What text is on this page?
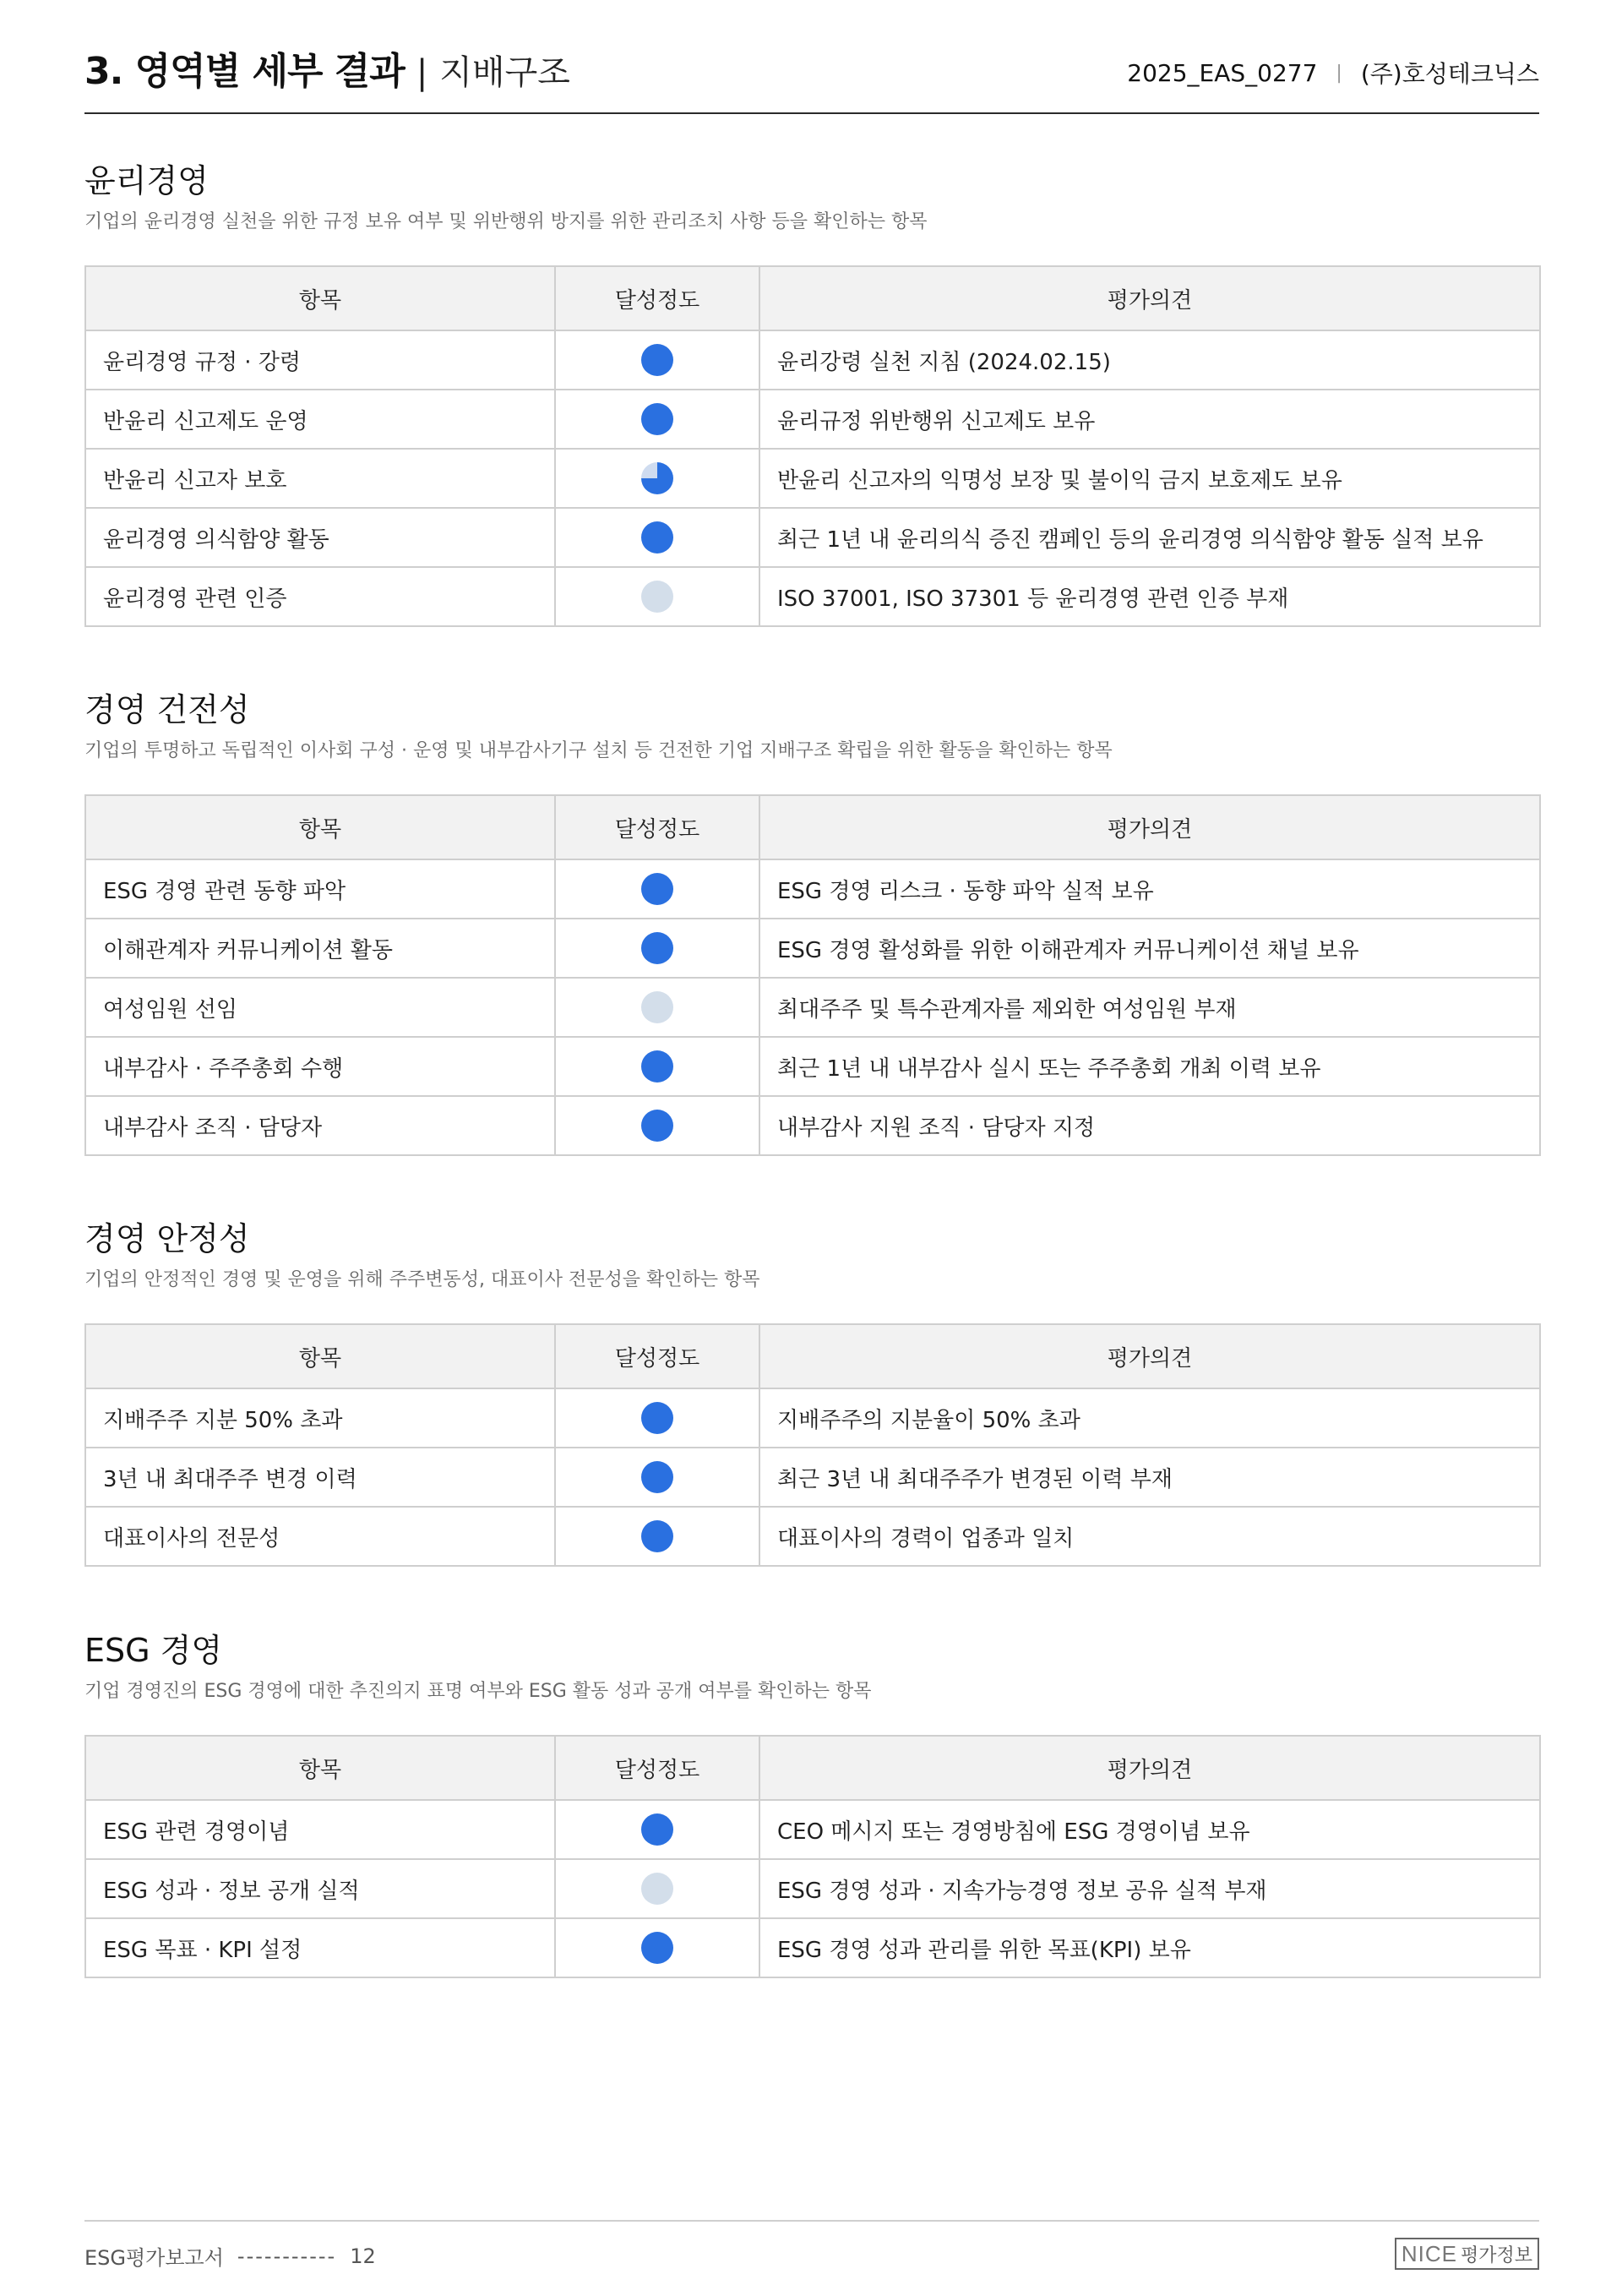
3. 영역별 세부 결과 | 지배구조	2025_EAS_0277 | (주)호성테크닉스
윤리경영
기업의 윤리경영 실천을 위한 규정 보유 여부 및 위반행위 방지를 위한 관리조치 사항 등을 확인하는 항목
항목	달성정도	평가의견
윤리경영 규정 · 강령		윤리강령 실천 지침 (2024.02.15)
반윤리 신고제도 운영		윤리규정 위반행위 신고제도 보유
반윤리 신고자 보호		반윤리 신고자의 익명성 보장 및 불이익 금지 보호제도 보유
윤리경영 의식함양 활동		최근 1년 내 윤리의식 증진 캠페인 등의 윤리경영 의식함양 활동 실적 보유
윤리경영 관련 인증		ISO 37001, ISO 37301 등 윤리경영 관련 인증 부재
경영 건전성
기업의 투명하고 독립적인 이사회 구성 · 운영 및 내부감사기구 설치 등 건전한 기업 지배구조 확립을 위한 활동을 확인하는 항목
항목	달성정도	평가의견
ESG 경영 관련 동향 파악		ESG 경영 리스크 · 동향 파악 실적 보유
이해관계자 커뮤니케이션 활동		ESG 경영 활성화를 위한 이해관계자 커뮤니케이션 채널 보유
여성임원 선임		최대주주 및 특수관계자를 제외한 여성임원 부재
내부감사 · 주주총회 수행		최근 1년 내 내부감사 실시 또는 주주총회 개최 이력 보유
내부감사 조직 · 담당자		내부감사 지원 조직 · 담당자 지정
경영 안정성
기업의 안정적인 경영 및 운영을 위해 주주변동성, 대표이사 전문성을 확인하는 항목
항목	달성정도	평가의견
지배주주 지분 50% 초과		지배주주의 지분율이 50% 초과
3년 내 최대주주 변경 이력		최근 3년 내 최대주주가 변경된 이력 부재
대표이사의 전문성		대표이사의 경력이 업종과 일치
ESG 경영
기업 경영진의 ESG 경영에 대한 추진의지 표명 여부와 ESG 활동 성과 공개 여부를 확인하는 항목
항목	달성정도	평가의견
ESG 관련 경영이념		CEO 메시지 또는 경영방침에 ESG 경영이념 보유
ESG 성과 · 정보 공개 실적		ESG 경영 성과 · 지속가능경영 정보 공유 실적 부재
ESG 목표 · KPI 설정		ESG 경영 성과 관리를 위한 목표(KPI) 보유
ESG평가보고서 ----------- 12	NICE 평가정보
